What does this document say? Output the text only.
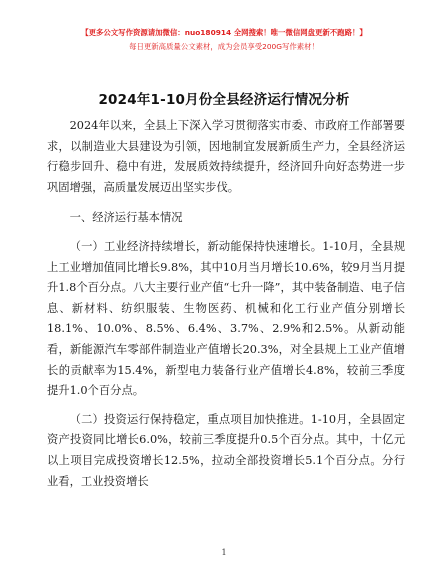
【更多公文写作资源请加微信：nuo180914 全网搜索！唯一微信网盘更新不跑路！】
每日更新高质量公文素材，成为会员享受200G写作素材！
2024年1-10月份全县经济运行情况分析

2024年以来，全县上下深入学习贯彻落实市委、市政府工作部署要求，以制造业大县建设为引领，因地制宜发展新质生产力，全县经济运行稳步回升、稳中有进，发展质效持续提升，经济回升向好态势进一步巩固增强，高质量发展迈出坚实步伐。

一、经济运行基本情况

（一）工业经济持续增长，新动能保持快速增长。1-10月，全县规上工业增加值同比增长9.8%，其中10月当月增长10.6%，较9月当月提升1.8个百分点。八大主要行业产值“七升一降”，其中装备制造、电子信息、新材料、纺织服装、生物医药、机械和化工行业产值分别增长18.1%、10.0%、8.5%、6.4%、3.7%、2.9%和2.5%。从新动能看，新能源汽车零部件制造业产值增长20.3%，对全县规上工业产值增长的贡献率为15.4%，新型电力装备行业产值增长4.8%，较前三季度提升1.0个百分点。

（二）投资运行保持稳定，重点项目加快推进。1-10月，全县固定资产投资同比增长6.0%，较前三季度提升0.5个百分点。其中，十亿元以上项目完成投资增长12.5%，拉动全部投资增长5.1个百分点。分行业看，工业投资增长

1
